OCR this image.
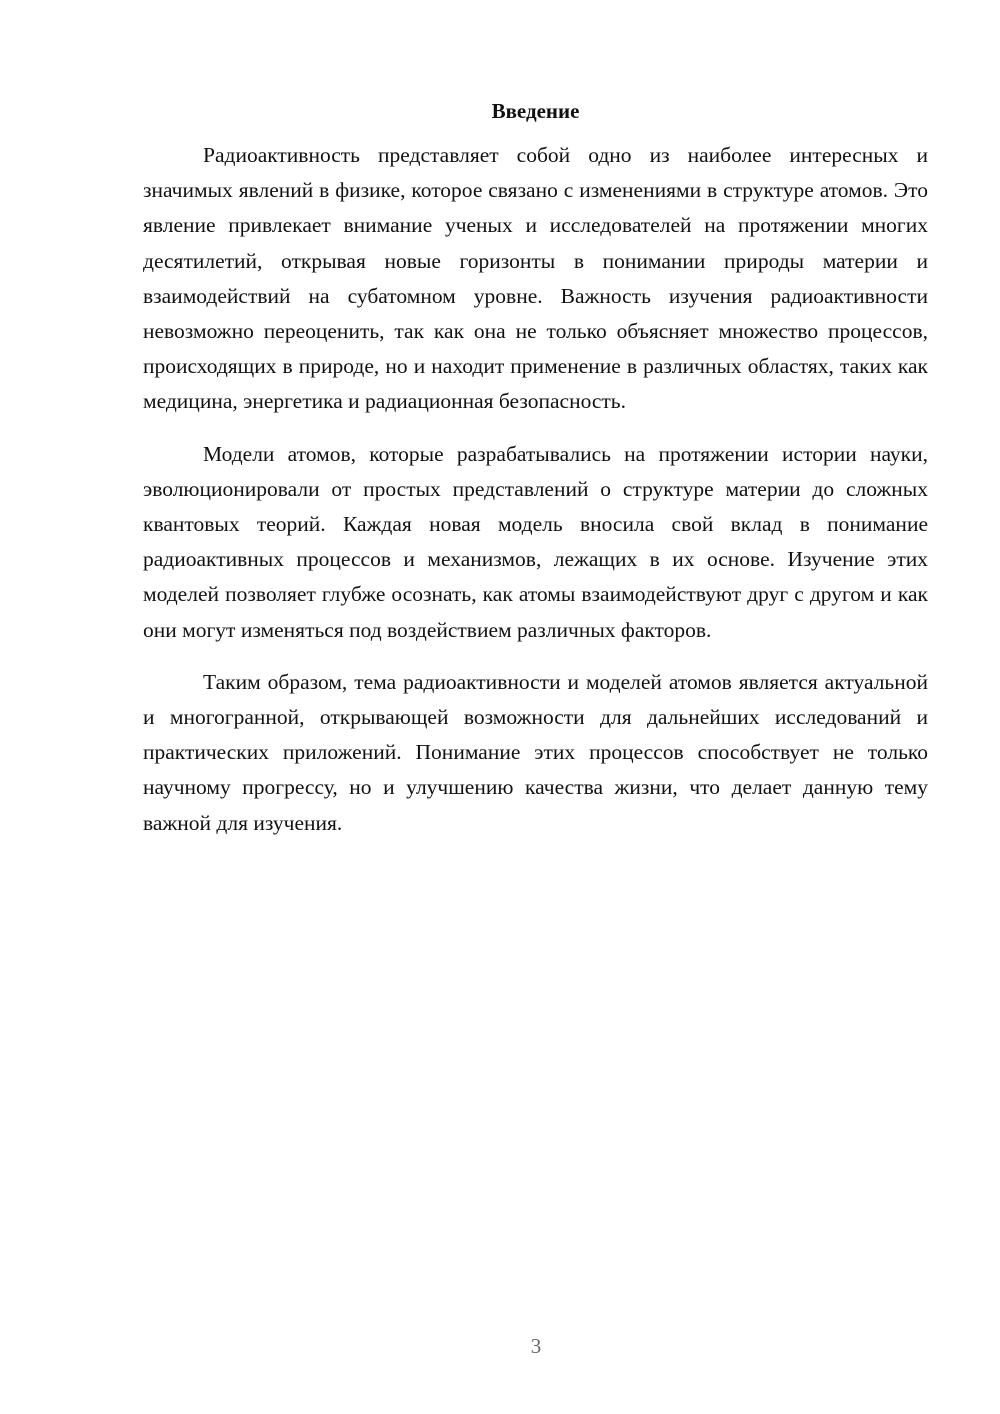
Введение

Радиоактивность представляет собой одно из наиболее интересных и значимых явлений в физике, которое связано с изменениями в структуре атомов. Это явление привлекает внимание ученых и исследователей на протяжении многих десятилетий, открывая новые горизонты в понимании природы материи и взаимодействий на субатомном уровне. Важность изучения радиоактивности невозможно переоценить, так как она не только объясняет множество процессов, происходящих в природе, но и находит применение в различных областях, таких как медицина, энергетика и радиационная безопасность.

Модели атомов, которые разрабатывались на протяжении истории науки, эволюционировали от простых представлений о структуре материи до сложных квантовых теорий. Каждая новая модель вносила свой вклад в понимание радиоактивных процессов и механизмов, лежащих в их основе. Изучение этих моделей позволяет глубже осознать, как атомы взаимодействуют друг с другом и как они могут изменяться под воздействием различных факторов.

Таким образом, тема радиоактивности и моделей атомов является актуальной и многогранной, открывающей возможности для дальнейших исследований и практических приложений. Понимание этих процессов способствует не только научному прогрессу, но и улучшению качества жизни, что делает данную тему важной для изучения.

3
